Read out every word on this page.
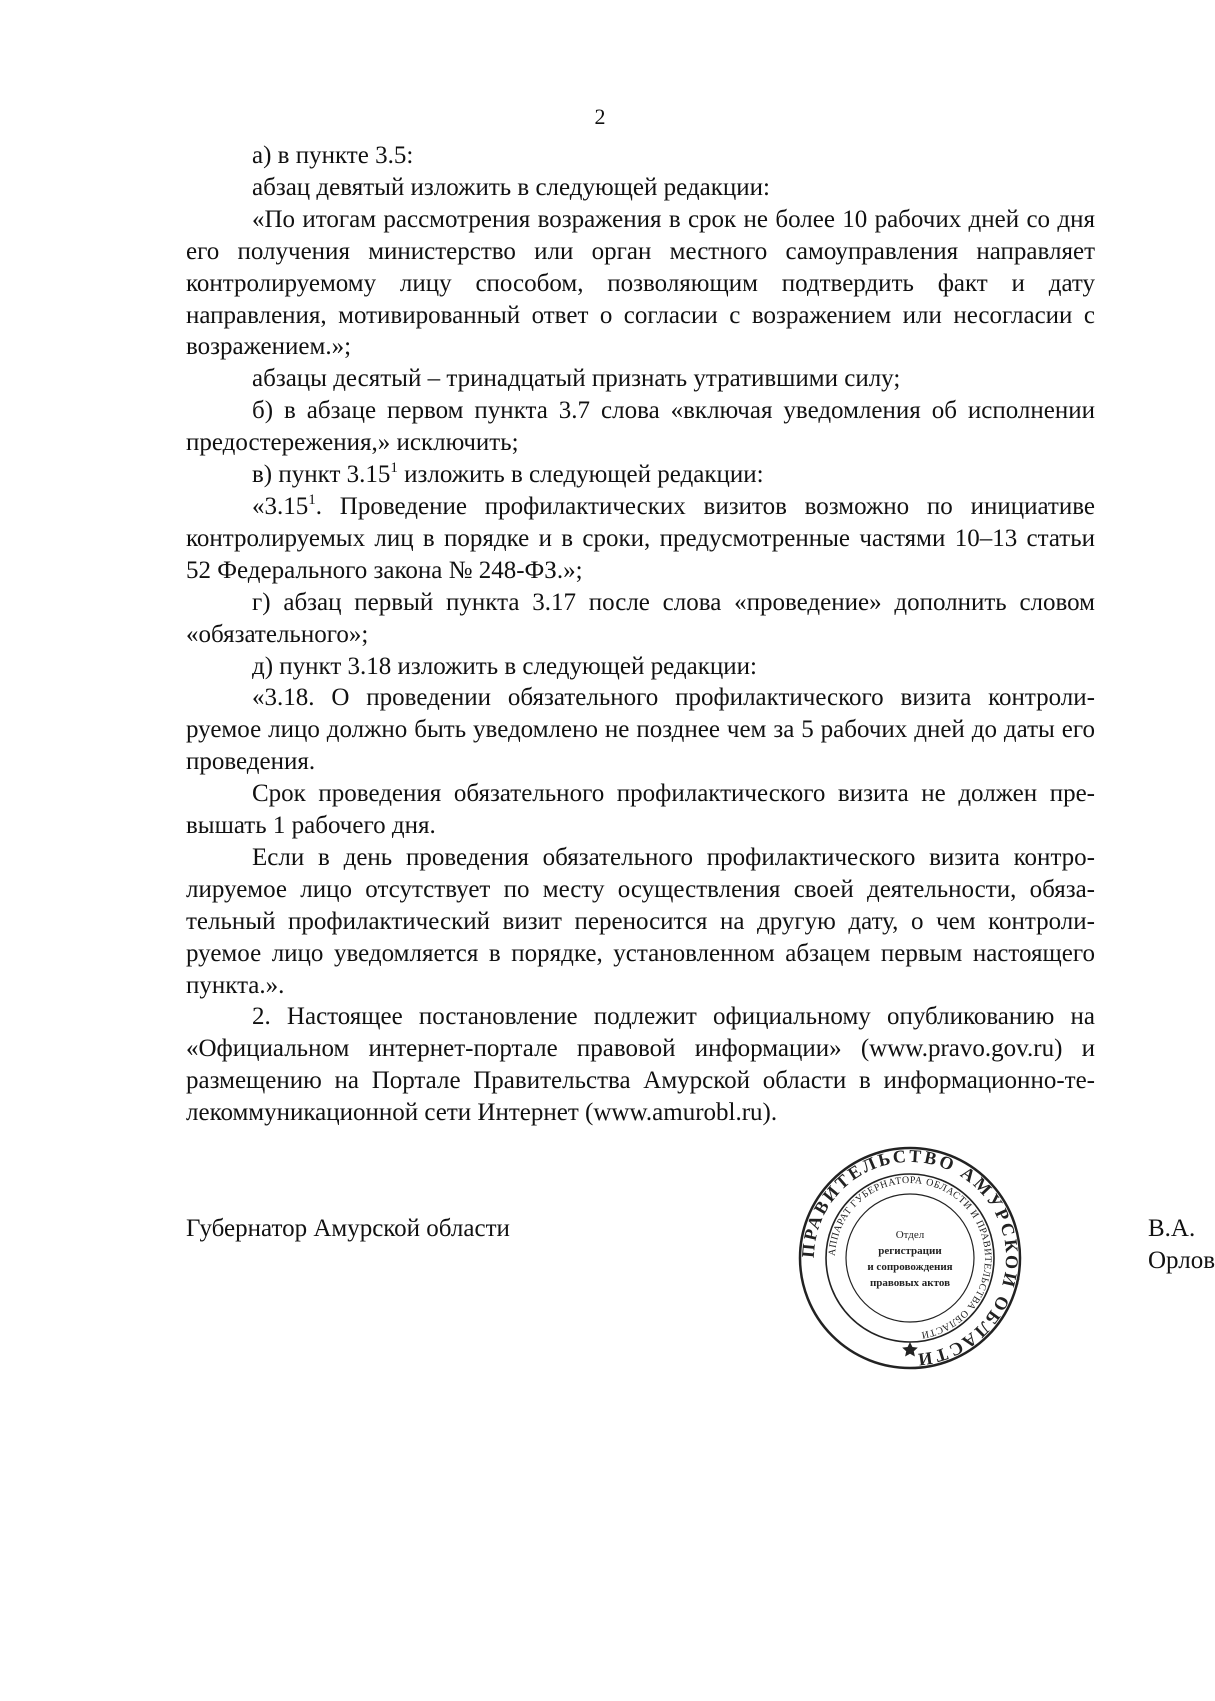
2

а) в пункте 3.5:

абзац девятый изложить в следующей редакции:

«По итогам рассмотрения возражения в срок не более 10 рабочих дней со дня его получения министерство или орган местного самоуправления направляет контролируемому лицу способом, позволяющим подтвердить факт и дату направления, мотивированный ответ о согласии с возражением или несогласии с возражением.»;

абзацы десятый – тринадцатый признать утратившими силу;

б) в абзаце первом пункта 3.7 слова «включая уведомления об исполнении предостережения,» исключить;

в) пункт 3.15$^1$ изложить в следующей редакции:

«3.15$^1$. Проведение профилактических визитов возможно по инициативе контролируемых лиц в порядке и в сроки, предусмотренные частями 10–13 статьи 52 Федерального закона № 248-ФЗ.»;

г) абзац первый пункта 3.17 после слова «проведение» дополнить словом «обязательного»;

д) пункт 3.18 изложить в следующей редакции:

«3.18. О проведении обязательного профилактического визита контролируемое лицо должно быть уведомлено не позднее чем за 5 рабочих дней до даты его проведения.

Срок проведения обязательного профилактического визита не должен превышать 1 рабочего дня.

Если в день проведения обязательного профилактического визита контролируемое лицо отсутствует по месту осуществления своей деятельности, обязательный профилактический визит переносится на другую дату, о чем контролируемое лицо уведомляется в порядке, установленном абзацем первым настоящего пункта.».

2. Настоящее постановление подлежит официальному опубликованию на «Официальном интернет-портале правовой информации» (www.pravo.gov.ru) и размещению на Портале Правительства Амурской области в информационно-телекоммуникационной сети Интернет (www.amurobl.ru).

Губернатор Амурской области	В.А. Орлов
ПРАВИТЕЛЬСТВО АМУРСКОЙ ОБЛАСТИ
АППАРАТ ГУБЕРНАТОРА ОБЛАСТИ И ПРАВИТЕЛЬСТВА ОБЛАСТИ
Отдел
регистрации
и сопровождения
правовых актов
